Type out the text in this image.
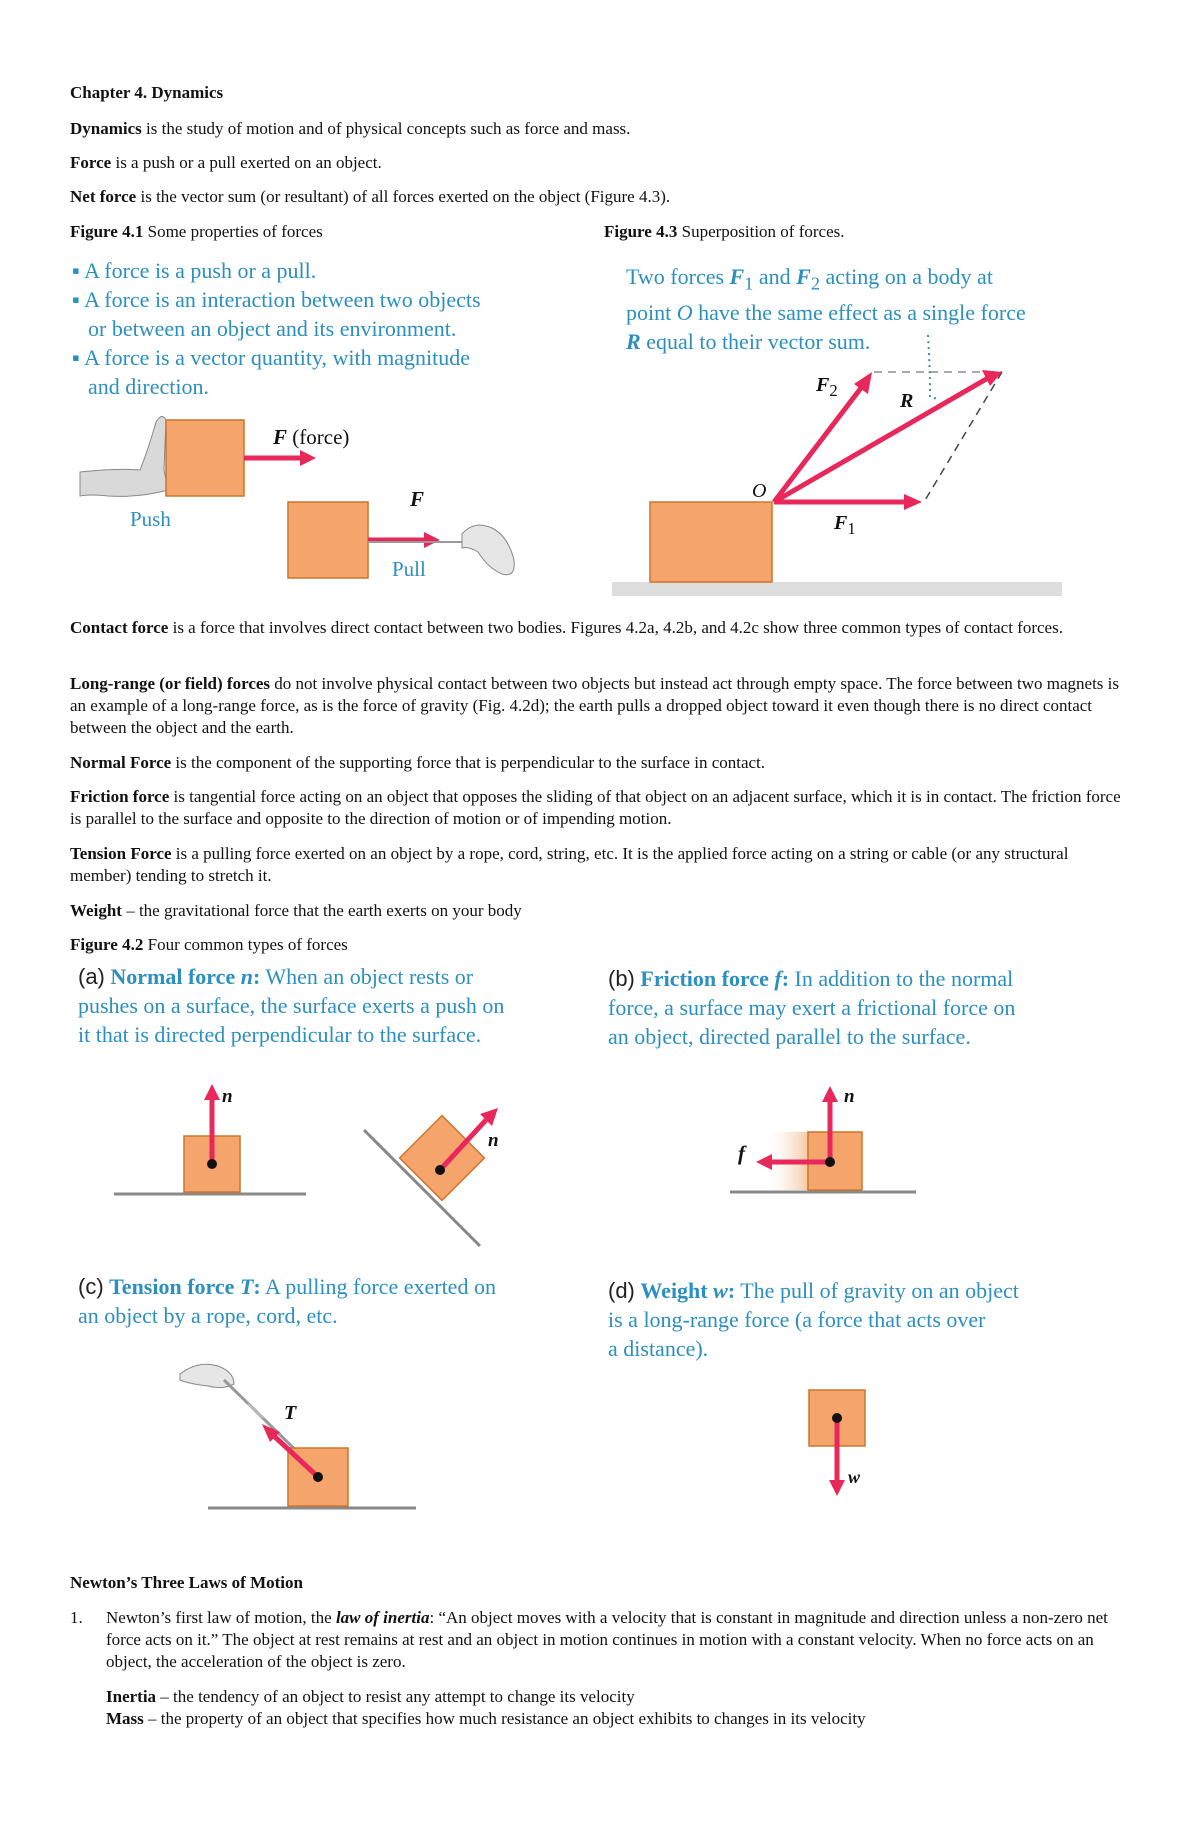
Chapter 4. Dynamics
Dynamics is the study of motion and of physical concepts such as force and mass.
Force is a push or a pull exerted on an object.
Net force is the vector sum (or resultant) of all forces exerted on the object (Figure 4.3).
Figure 4.1 Some properties of forces	Figure 4.3 Superposition of forces.
▪ A force is a push or a pull.
▪ A force is an interaction between two objects
or between an object and its environment.
▪ A force is a vector quantity, with magnitude
and direction.
F (force)
F
Push
Pull
Two forces $F_1$ and $F_2$ acting on a body at
point O have the same effect as a single force
R equal to their vector sum.
O
R
$F_2$
$F_1$
Contact force is a force that involves direct contact between two bodies. Figures 4.2a, 4.2b, and 4.2c show three common types of contact forces.
Long-range (or field) forces do not involve physical contact between two objects but instead act through empty space. The force between two magnets is an example of a long-range force, as is the force of gravity (Fig. 4.2d); the earth pulls a dropped object toward it even though there is no direct contact between the object and the earth.
Normal Force is the component of the supporting force that is perpendicular to the surface in contact.
Friction force is tangential force acting on an object that opposes the sliding of that object on an adjacent surface, which it is in contact. The friction force is parallel to the surface and opposite to the direction of motion or of impending motion.
Tension Force is a pulling force exerted on an object by a rope, cord, string, etc. It is the applied force acting on a string or cable (or any structural member) tending to stretch it.
Weight – the gravitational force that the earth exerts on your body
Figure 4.2 Four common types of forces
(a) Normal force n: When an object rests or
pushes on a surface, the surface exerts a push on
it that is directed perpendicular to the surface.
(b) Friction force f: In addition to the normal
force, a surface may exert a frictional force on
an object, directed parallel to the surface.
n
n
n
f
(c) Tension force T: A pulling force exerted on
an object by a rope, cord, etc.
(d) Weight w: The pull of gravity on an object
is a long-range force (a force that acts over
a distance).
T
w
Newton’s Three Laws of Motion
1. Newton’s first law of motion, the law of inertia: “An object moves with a velocity that is constant in magnitude and direction unless a non-zero net force acts on it.” The object at rest remains at rest and an object in motion continues in motion with a constant velocity. When no force acts on an object, the acceleration of the object is zero.
Inertia – the tendency of an object to resist any attempt to change its velocity
Mass – the property of an object that specifies how much resistance an object exhibits to changes in its velocity
